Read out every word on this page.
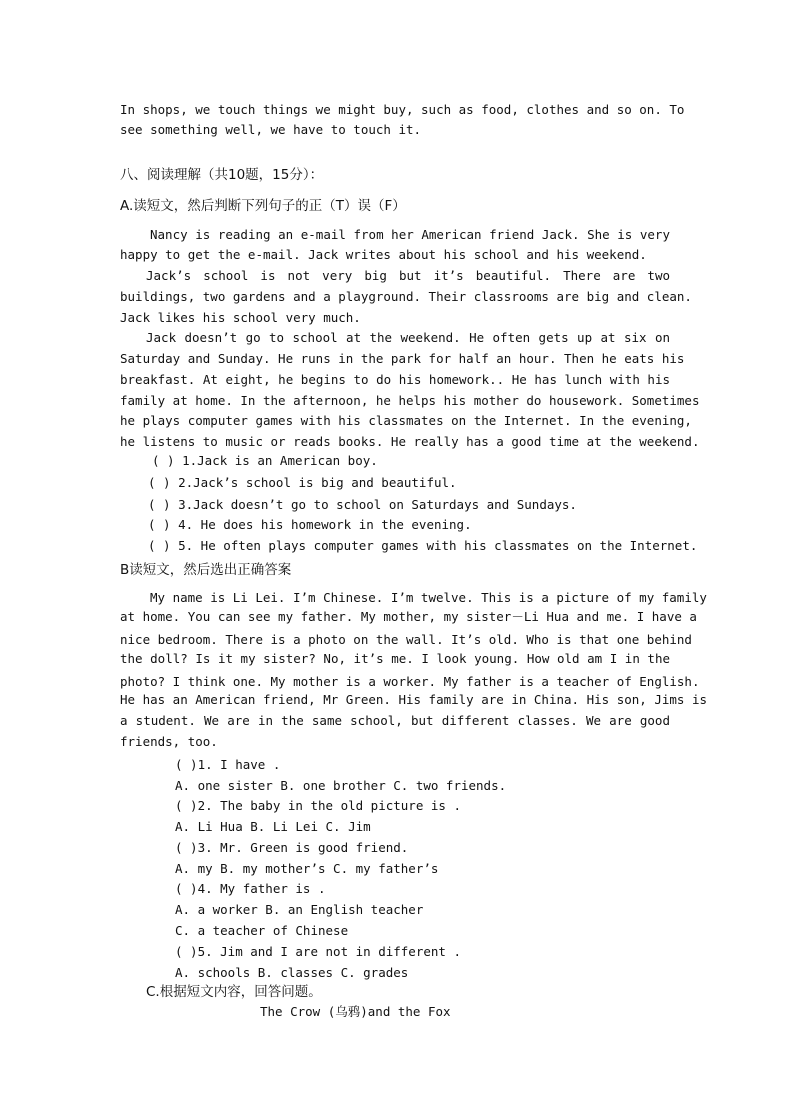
In shops, we touch things we might buy, such as food, clothes and so on. To
see something well, we have to touch it.
八、阅读理解（共10题，15分）：
A.读短文，然后判断下列句子的正（T）误（F）
Nancy is reading an e-mail from her American friend Jack. She is very
happy to get the e-mail. Jack writes about his school and his weekend.
Jack’s school is not very big but it’s beautiful. There are two
buildings, two gardens and a playground. Their classrooms are big and clean.
Jack likes his school very much.
Jack doesn’t go to school at the weekend. He often gets up at six on
Saturday and Sunday. He runs in the park for half an hour. Then he eats his
breakfast. At eight, he begins to do his homework.. He has lunch with his
family at home. In the afternoon, he helps his mother do housework. Sometimes
he plays computer games with his classmates on the Internet. In the evening,
he listens to music or reads books. He really has a good time at the weekend.
( ) 1.Jack is an American boy.
( ) 2.Jack’s school is big and beautiful.
( ) 3.Jack doesn’t go to school on Saturdays and Sundays.
( ) 4. He does his homework in the evening.
( ) 5. He often plays computer games with his classmates on the Internet.
B读短文，然后选出正确答案
My name is Li Lei. I’m Chinese. I’m twelve. This is a picture of my family
at home. You can see my father. My mother, my sister－Li Hua and me. I have a
nice bedroom. There is a photo on the wall. It’s old. Who is that one behind
the doll? Is it my sister? No, it’s me. I look young. How old am I in the
photo? I think one. My mother is a worker. My father is a teacher of English.
He has an American friend, Mr Green. His family are in China. His son, Jims is
a student. We are in the same school, but different classes. We are good
friends, too.
( )1. I have .
A. one sister B. one brother C. two friends.
( )2. The baby in the old picture is .
A. Li Hua B. Li Lei C. Jim
( )3. Mr. Green is good friend.
A. my B. my mother’s C. my father’s
( )4. My father is .
A. a worker B. an English teacher
C. a teacher of Chinese
( )5. Jim and I are not in different .
A. schools B. classes C. grades
C.根据短文内容，回答问题。
The Crow (乌鸦)and the Fox
